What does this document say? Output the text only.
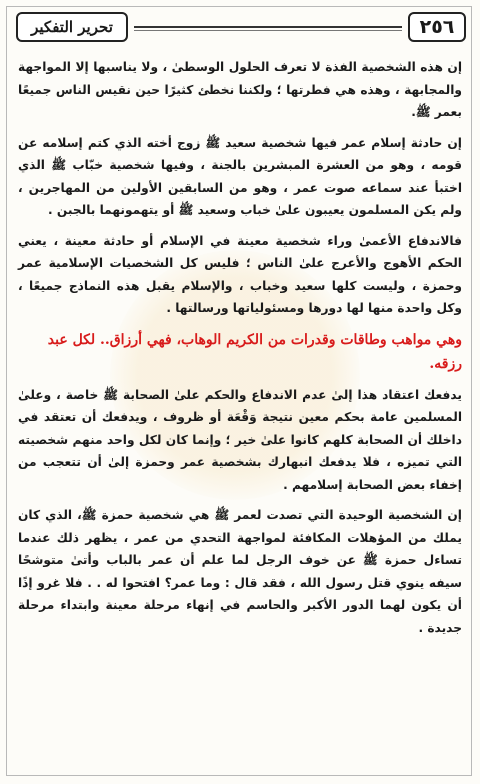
تحرير التفكير	٢٥٦

إن هذه الشخصية الفذة لا تعرف الحلول الوسطىٰ ، ولا يناسبها إلا المواجهة والمجابهة ، وهذه هي فطرتها ؛ ولكننا نخطئ كثيرًا حين نقيس الناس جميعًا بعمر ﷺ.

إن حادثة إسلام عمر فيها شخصية سعيد ﷺ زوج أخته الذي كتم إسلامه عن قومه ، وهو من العشرة المبشرين بالجنة ، وفيها شخصية خبّاب ﷺ الذي اختبأ عند سماعه صوت عمر ، وهو من السابقين الأولين من المهاجرين ، ولم يكن المسلمون يعيبون علىٰ خباب وسعيد ﷺ أو يتهمونهما بالجبن .

فالاندفاع الأعمىٰ وراء شخصية معينة في الإسلام أو حادثة معينة ، يعني الحكم الأهوج والأعرج علىٰ الناس ؛ فليس كل الشخصيات الإسلامية عمر وحمزة ، وليست كلها سعيد وخباب ، والإسلام يقبل هذه النماذج جميعًا ، وكل واحدة منها لها دورها ومسئولياتها ورسالتها .

وهي مواهب وطاقات وقدرات من الكريم الوهاب، فهي أرزاق.. لكل عبد رزقه.

يدفعك اعتقاد هذا إلىٰ عدم الاندفاع والحكم علىٰ الصحابة ﷺ خاصة ، وعلىٰ المسلمين عامة بحكم معين نتيجة وَقْعَة أو ظروف ، ويدفعك أن تعتقد في داخلك أن الصحابة كلهم كانوا علىٰ خير ؛ وإنما كان لكل واحد منهم شخصيته التي تميزه ، فلا يدفعك انبهارك بشخصية عمر وحمزة إلىٰ أن تتعجب من إخفاء بعض الصحابة إسلامهم .

إن الشخصية الوحيدة التي تصدت لعمر ﷺ هي شخصية حمزة ﷺ، الذي كان يملك من المؤهلات المكافئة لمواجهة التحدي من عمر ، يظهر ذلك عندما تساءل حمزة ﷺ عن خوف الرجل لما علم أن عمر بالباب وأتىٰ متوشحًا سيفه ينوي قتل رسول الله ، فقد قال : وما عمر؟ افتحوا له . . فلا غرو إذًا أن يكون لهما الدور الأكبر والحاسم في إنهاء مرحلة معينة وابتداء مرحلة جديدة .
